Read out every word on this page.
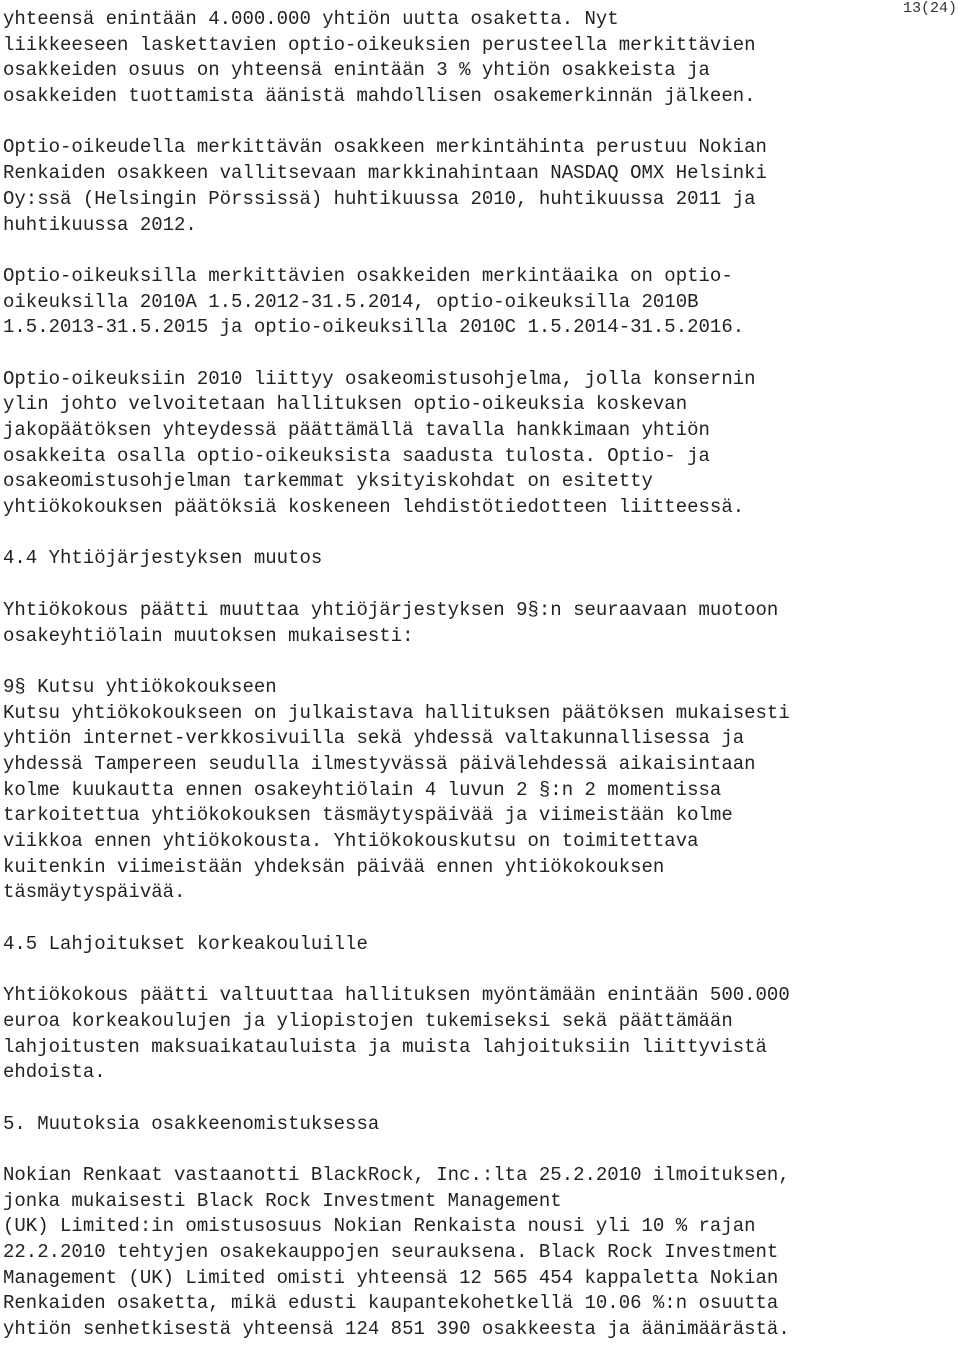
13(24)
yhteensä enintään 4.000.000 yhtiön uutta osaketta. Nyt
liikkeeseen laskettavien optio-oikeuksien perusteella merkittävien
osakkeiden osuus on yhteensä enintään 3 % yhtiön osakkeista ja
osakkeiden tuottamista äänistä mahdollisen osakemerkinnän jälkeen.
Optio-oikeudella merkittävän osakkeen merkintähinta perustuu Nokian
Renkaiden osakkeen vallitsevaan markkinahintaan NASDAQ OMX Helsinki
Oy:ssä (Helsingin Pörssissä) huhtikuussa 2010, huhtikuussa 2011 ja
huhtikuussa 2012.
Optio-oikeuksilla merkittävien osakkeiden merkintäaika on optio-
oikeuksilla 2010A 1.5.2012-31.5.2014, optio-oikeuksilla 2010B
1.5.2013-31.5.2015 ja optio-oikeuksilla 2010C 1.5.2014-31.5.2016.
Optio-oikeuksiin 2010 liittyy osakeomistusohjelma, jolla konsernin
ylin johto velvoitetaan hallituksen optio-oikeuksia koskevan
jakopäätöksen yhteydessä päättämällä tavalla hankkimaan yhtiön
osakkeita osalla optio-oikeuksista saadusta tulosta. Optio- ja
osakeomistusohjelman tarkemmat yksityiskohdat on esitetty
yhtiökokouksen päätöksiä koskeneen lehdistötiedotteen liitteessä.
4.4 Yhtiöjärjestyksen muutos
Yhtiökokous päätti muuttaa yhtiöjärjestyksen 9§:n seuraavaan muotoon
osakeyhtiölain muutoksen mukaisesti:
9§ Kutsu yhtiökokoukseen
Kutsu yhtiökokoukseen on julkaistava hallituksen päätöksen mukaisesti
yhtiön internet-verkkosivuilla sekä yhdessä valtakunnallisessa ja
yhdessä Tampereen seudulla ilmestyvässä päivälehdessä aikaisintaan
kolme kuukautta ennen osakeyhtiölain 4 luvun 2 §:n 2 momentissa
tarkoitettua yhtiökokouksen täsmäytyspäivää ja viimeistään kolme
viikkoa ennen yhtiökokousta. Yhtiökokouskutsu on toimitettava
kuitenkin viimeistään yhdeksän päivää ennen yhtiökokouksen
täsmäytyspäivää.
4.5 Lahjoitukset korkeakouluille
Yhtiökokous päätti valtuuttaa hallituksen myöntämään enintään 500.000
euroa korkeakoulujen ja yliopistojen tukemiseksi sekä päättämään
lahjoitusten maksuaikatauluista ja muista lahjoituksiin liittyvistä
ehdoista.
5. Muutoksia osakkeenomistuksessa
Nokian Renkaat vastaanotti BlackRock, Inc.:lta 25.2.2010 ilmoituksen,
jonka mukaisesti Black Rock Investment Management
(UK) Limited:in omistusosuus Nokian Renkaista nousi yli 10 % rajan
22.2.2010 tehtyjen osakekauppojen seurauksena. Black Rock Investment
Management (UK) Limited omisti yhteensä 12 565 454 kappaletta Nokian
Renkaiden osaketta, mikä edusti kaupantekohetkellä 10.06 %:n osuutta
yhtiön senhetkisestä yhteensä 124 851 390 osakkeesta ja äänimäärästä.
